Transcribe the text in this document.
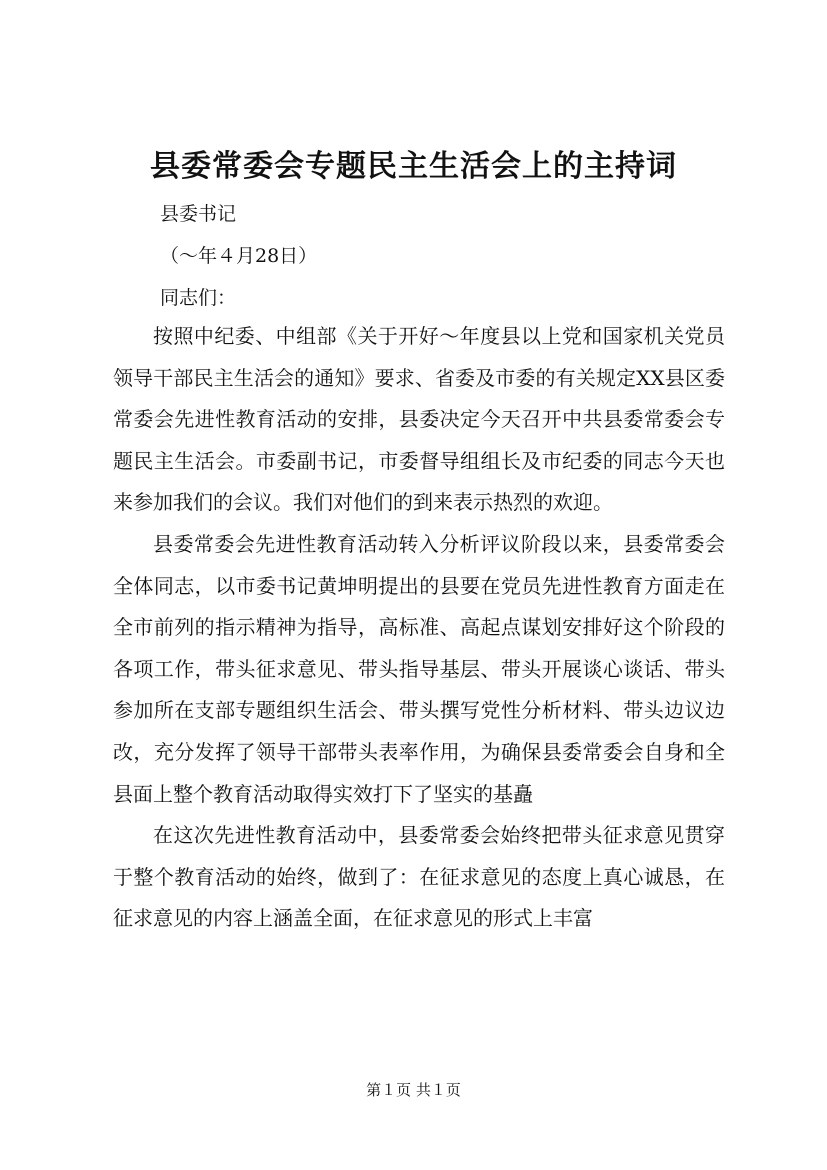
县委常委会专题民主生活会上的主持词
县委书记
（～年４月28日）
同志们：

按照中纪委、中组部《关于开好～年度县以上党和国家机关党员领导干部民主生活会的通知》要求、省委及市委的有关规定XX县区委常委会先进性教育活动的安排，县委决定今天召开中共县委常委会专题民主生活会。市委副书记，市委督导组组长及市纪委的同志今天也来参加我们的会议。我们对他们的到来表示热烈的欢迎。

县委常委会先进性教育活动转入分析评议阶段以来，县委常委会全体同志，以市委书记黄坤明提出的县要在党员先进性教育方面走在全市前列的指示精神为指导，高标准、高起点谋划安排好这个阶段的各项工作，带头征求意见、带头指导基层、带头开展谈心谈话、带头参加所在支部专题组织生活会、带头撰写党性分析材料、带头边议边改，充分发挥了领导干部带头表率作用，为确保县委常委会自身和全县面上整个教育活动取得实效打下了坚实的基矗

在这次先进性教育活动中，县委常委会始终把带头征求意见贯穿于整个教育活动的始终，做到了：在征求意见的态度上真心诚恳，在征求意见的内容上涵盖全面，在征求意见的形式上丰富

第１页 共１页
